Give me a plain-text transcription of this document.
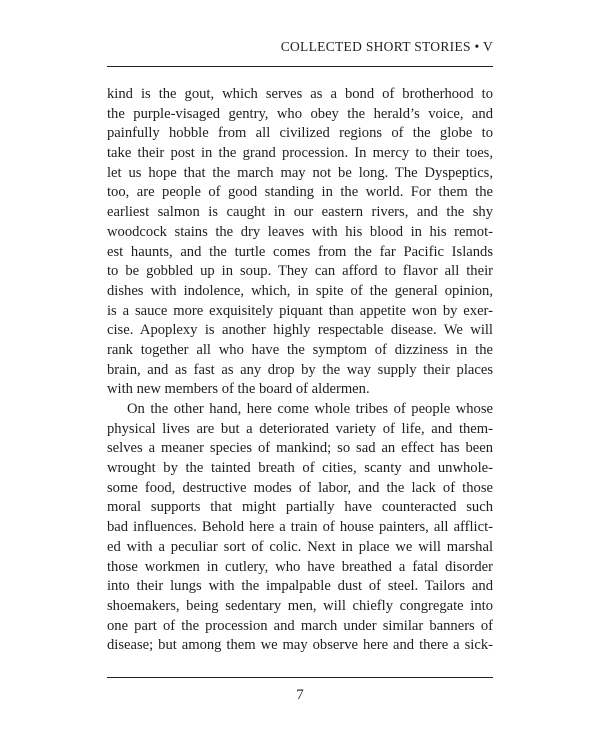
COLLECTED SHORT STORIES • V
kind is the gout, which serves as a bond of brotherhood to
the purple-visaged gentry, who obey the herald’s voice, and
painfully hobble from all civilized regions of the globe to
take their post in the grand procession. In mercy to their toes,
let us hope that the march may not be long. The Dyspeptics,
too, are people of good standing in the world. For them the
earliest salmon is caught in our eastern rivers, and the shy
woodcock stains the dry leaves with his blood in his remot-
est haunts, and the turtle comes from the far Pacific Islands
to be gobbled up in soup. They can afford to flavor all their
dishes with indolence, which, in spite of the general opinion,
is a sauce more exquisitely piquant than appetite won by exer-
cise. Apoplexy is another highly respectable disease. We will
rank together all who have the symptom of dizziness in the
brain, and as fast as any drop by the way supply their places
with new members of the board of aldermen.
On the other hand, here come whole tribes of people whose
physical lives are but a deteriorated variety of life, and them-
selves a meaner species of mankind; so sad an effect has been
wrought by the tainted breath of cities, scanty and unwhole-
some food, destructive modes of labor, and the lack of those
moral supports that might partially have counteracted such
bad influences. Behold here a train of house painters, all afflict-
ed with a peculiar sort of colic. Next in place we will marshal
those workmen in cutlery, who have breathed a fatal disorder
into their lungs with the impalpable dust of steel. Tailors and
shoemakers, being sedentary men, will chiefly congregate into
one part of the procession and march under similar banners of
disease; but among them we may observe here and there a sick-
7
